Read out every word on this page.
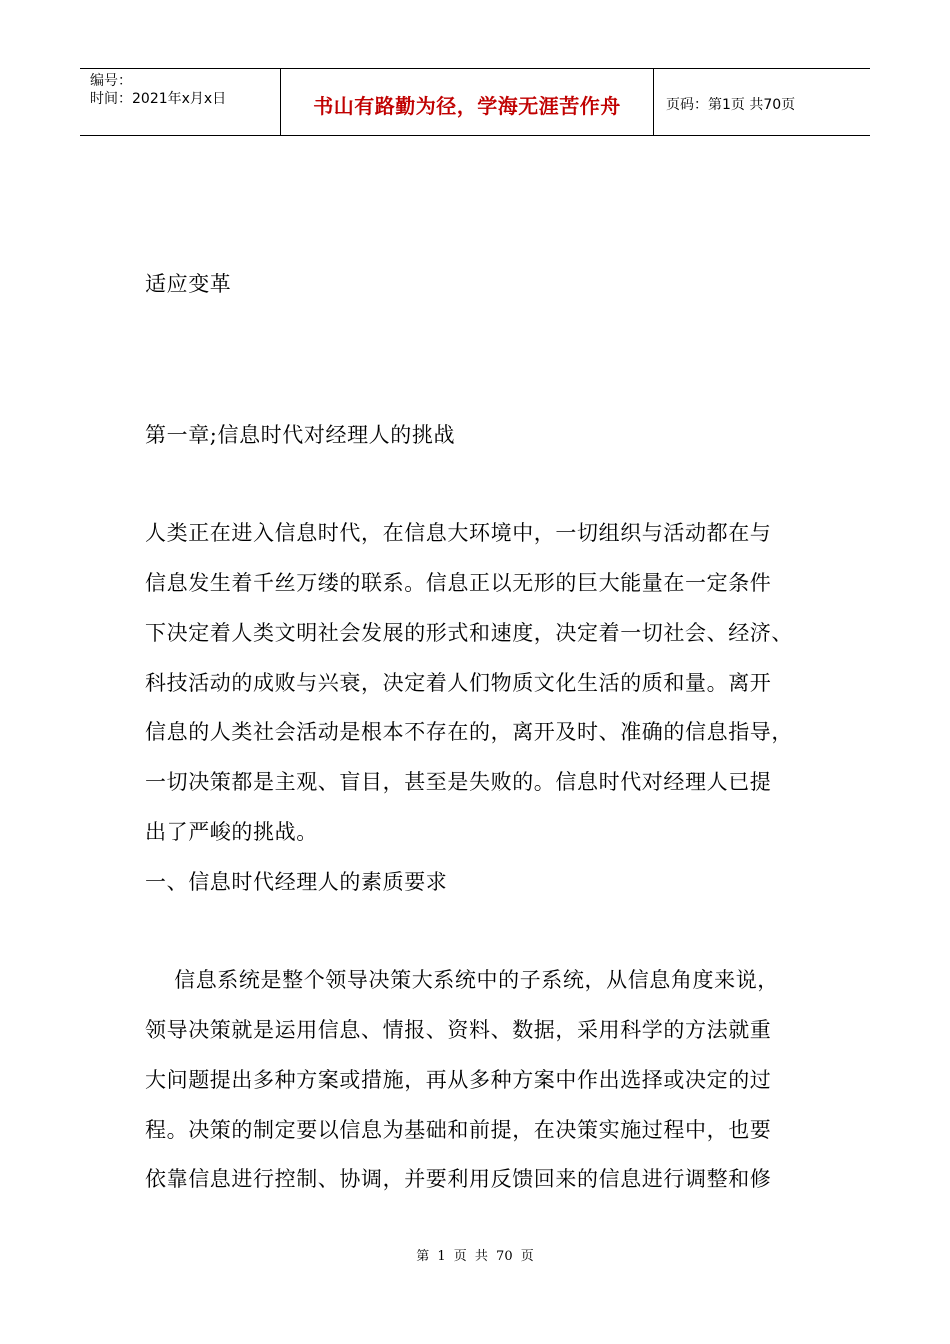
编号：
时间：2021年x月x日	书山有路勤为径，学海无涯苦作舟	页码：第1页 共70页
适应变革
第一章;信息时代对经理人的挑战
人类正在进入信息时代，在信息大环境中，一切组织与活动都在与
信息发生着千丝万缕的联系。信息正以无形的巨大能量在一定条件
下决定着人类文明社会发展的形式和速度，决定着一切社会、经济、
科技活动的成败与兴衰，决定着人们物质文化生活的质和量。离开
信息的人类社会活动是根本不存在的，离开及时、准确的信息指导，
一切决策都是主观、盲目，甚至是失败的。信息时代对经理人已提
出了严峻的挑战。
一、信息时代经理人的素质要求
信息系统是整个领导决策大系统中的子系统，从信息角度来说，
领导决策就是运用信息、情报、资料、数据，采用科学的方法就重
大问题提出多种方案或措施，再从多种方案中作出选择或决定的过
程。决策的制定要以信息为基础和前提，在决策实施过程中，也要
依靠信息进行控制、协调，并要利用反馈回来的信息进行调整和修
第 1 页 共 70 页
